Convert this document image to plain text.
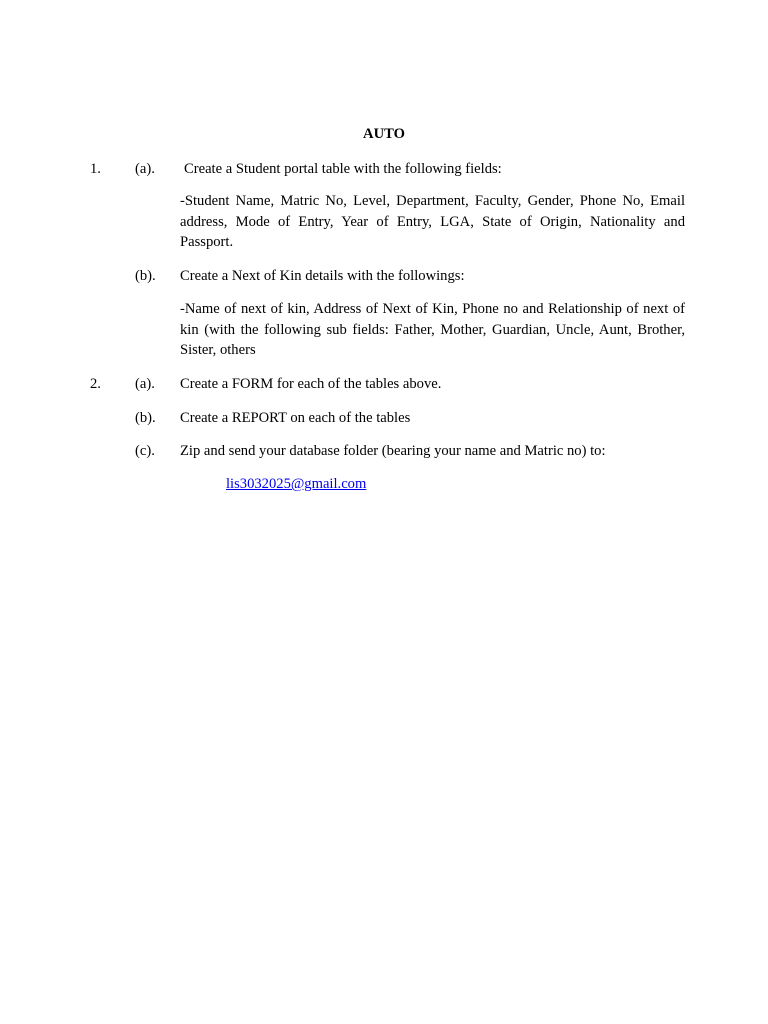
AUTO
1. (a). Create a Student portal table with the following fields:
-Student Name, Matric No, Level, Department, Faculty, Gender, Phone No, Email address, Mode of Entry, Year of Entry, LGA, State of Origin, Nationality and Passport.
(b). Create a Next of Kin details with the followings:
-Name of next of kin, Address of Next of Kin, Phone no and Relationship of next of kin (with the following sub fields: Father, Mother, Guardian, Uncle, Aunt, Brother, Sister, others
2. (a). Create a FORM for each of the tables above.
(b). Create a REPORT on each of the tables
(c). Zip and send your database folder (bearing your name and Matric no) to:
lis3032025@gmail.com
